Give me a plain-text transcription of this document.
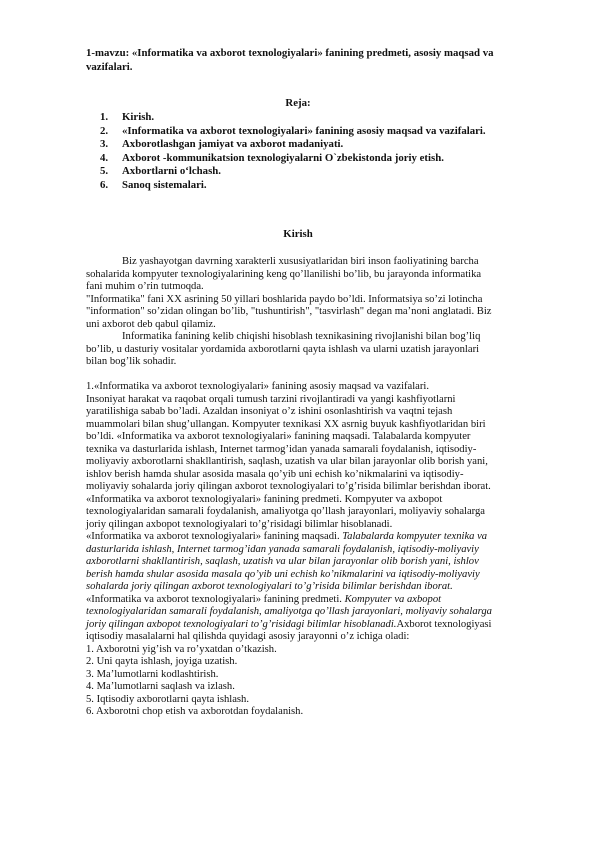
1-mavzu: «Informatika va axborot texnologiyalari» fanining predmeti, asosiy maqsad va
vazifalari.

Reja:

1. Kirish.
2. «Informatika va axborot texnologiyalari» fanining asosiy maqsad va vazifalari.
3. Axborotlashgan jamiyat va axborot madaniyati.
4. Axborot -kommunikatsion texnologiyalarni O`zbekistonda joriy etish.
5. Axbortlarni o‘lchash.
6. Sanoq sistemalari.

Kirish

Biz yashayotgan davrning xarakterli xususiyatlaridan biri inson faoliyatining barcha
sohalarida kompyuter texnologiyalarining keng qo’llanilishi bo’lib, bu jarayonda informatika
fani muhim o’rin tutmoqda.

"Informatika" fani XX asrining 50 yillari boshlarida paydo bo’ldi. Informatsiya so’zi lotincha
"information" so’zidan olingan bo’lib, "tushuntirish", "tasvirlash" degan ma’noni anglatadi. Biz
uni axborot deb qabul qilamiz.

Informatika fanining kelib chiqishi hisoblash texnikasining rivojlanishi bilan bog’liq
bo’lib, u dasturiy vositalar yordamida axborotlarni qayta ishlash va ularni uzatish jarayonlari
bilan bog’lik sohadir.

1.«Informatika va axborot texnologiyalari» fanining asosiy maqsad va vazifalari.
Insoniyat harakat va raqobat orqali tumush tarzini rivojlantiradi va yangi kashfiyotlarni
yaratilishiga sabab bo’ladi. Azaldan insoniyat o’z ishini osonlashtirish va vaqtni tejash
muammolari bilan shug’ullangan. Kompyuter texnikasi XX asrnig buyuk kashfiyotlaridan biri
bo’ldi. «Informatika va axborot texnologiyalari» fanining maqsadi. Talabalarda kompyuter
texnika va dasturlarida ishlash, Internet tarmog’idan yanada samarali foydalanish, iqtisodiy-
moliyaviy axborotlarni shakllantirish, saqlash, uzatish va ular bilan jarayonlar olib borish yani,
ishlov berish hamda shular asosida masala qo’yib uni echish ko’nikmalarini va iqtisodiy-
moliyaviy sohalarda joriy qilingan axborot texnologiyalari to’g’risida bilimlar berishdan iborat.
«Informatika va axborot texnologiyalari» fanining predmeti. Kompyuter va axbopot
texnologiyalaridan samarali foydalanish, amaliyotga qo’llash jarayonlari, moliyaviy sohalarga
joriy qilingan axbopot texnologiyalari to’g’risidagi bilimlar hisoblanadi.
«Informatika va axborot texnologiyalari» fanining maqsadi. Talabalarda kompyuter texnika va
dasturlarida ishlash, Internet tarmog’idan yanada samarali foydalanish, iqtisodiy-moliyaviy
axborotlarni shakllantirish, saqlash, uzatish va ular bilan jarayonlar olib borish yani, ishlov
berish hamda shular asosida masala qo’yib uni echish ko’nikmalarini va iqtisodiy-moliyaviy
sohalarda joriy qilingan axborot texnologiyalari to’g’risida bilimlar berishdan iborat.
«Informatika va axborot texnologiyalari» fanining predmeti. Kompyuter va axbopot
texnologiyalaridan samarali foydalanish, amaliyotga qo’llash jarayonlari, moliyaviy sohalarga
joriy qilingan axbopot texnologiyalari to’g’risidagi bilimlar hisoblanadi.Axborot texnologiyasi
iqtisodiy masalalarni hal qilishda quyidagi asosiy jarayonni o’z ichiga oladi:
1. Axborotni yig’ish va ro’yxatdan o’tkazish.
2. Uni qayta ishlash, joyiga uzatish.
3. Ma’lumotlarni kodlashtirish.
4. Ma’lumotlarni saqlash va izlash.
5. Iqtisodiy axborotlarni qayta ishlash.
6. Axborotni chop etish va axborotdan foydalanish.
